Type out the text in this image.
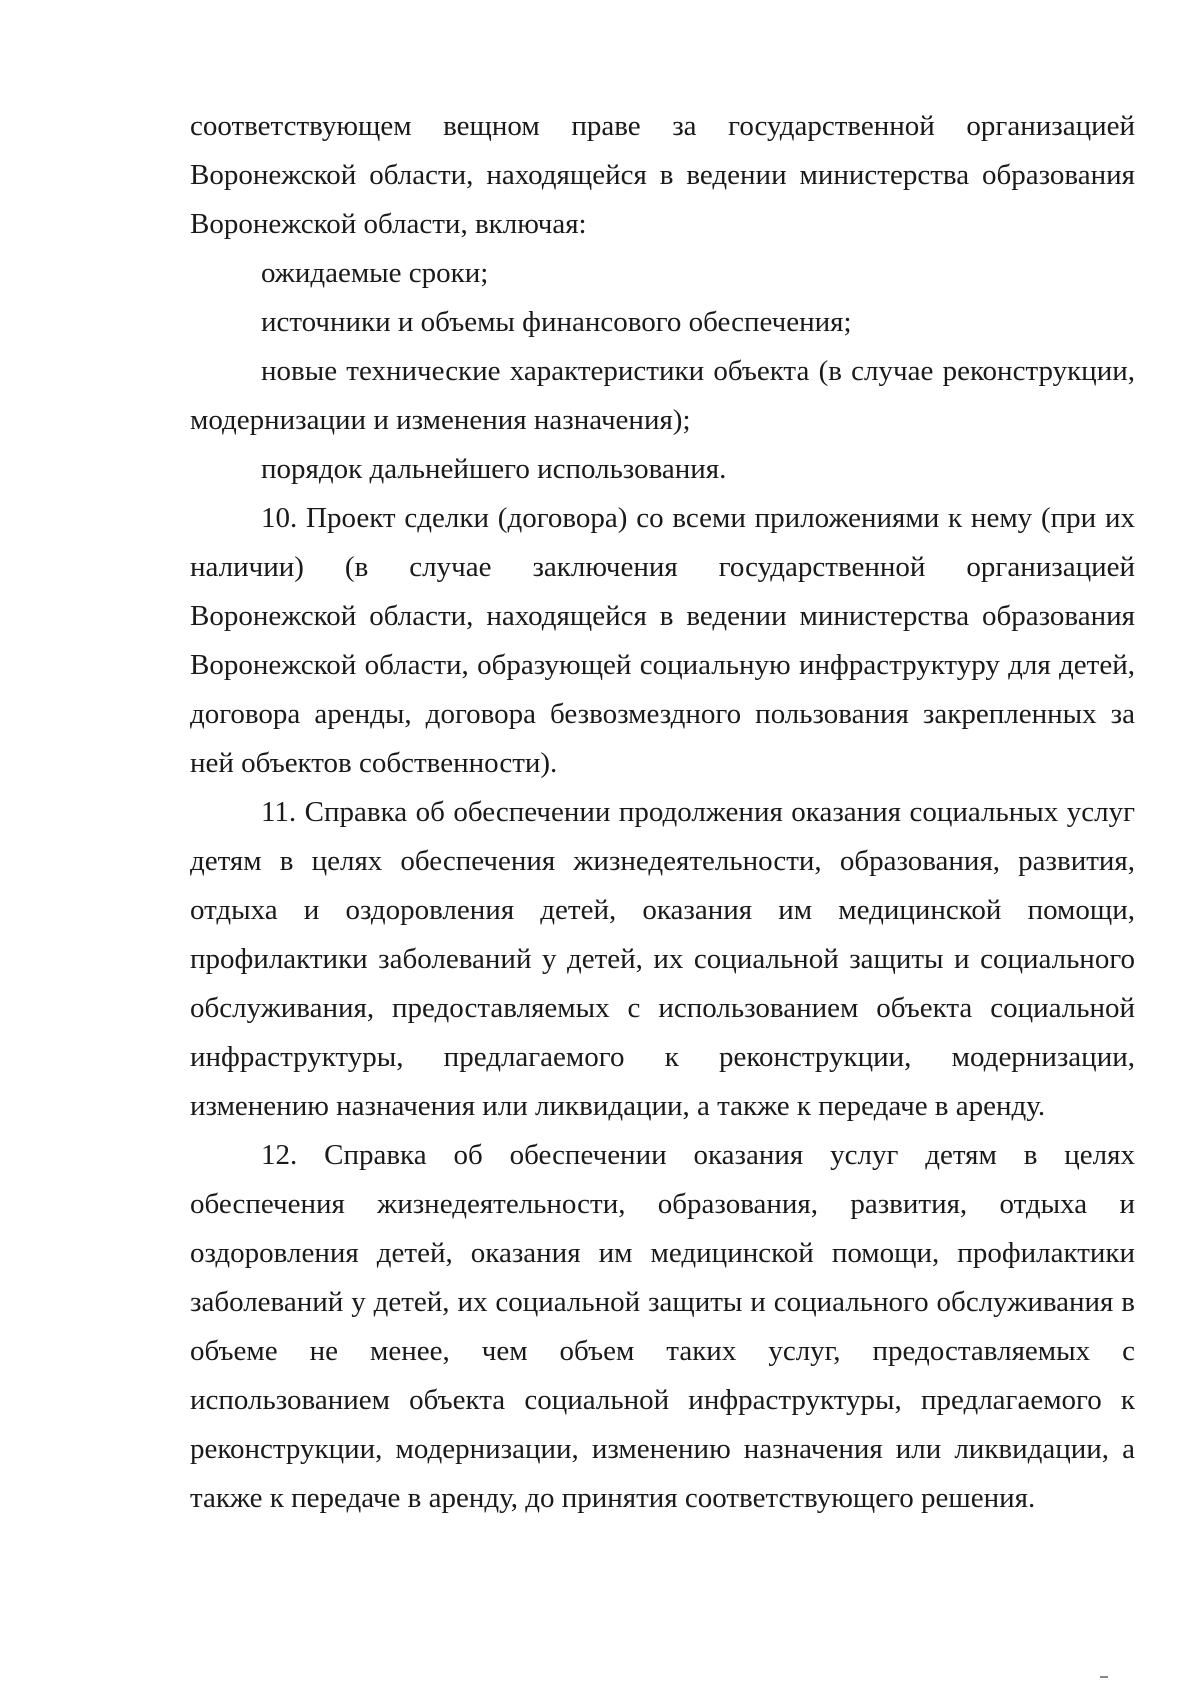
соответствующем вещном праве за государственной организацией Воронежской области, находящейся в ведении министерства образования Воронежской области, включая:

ожидаемые сроки;

источники и объемы финансового обеспечения;

новые технические характеристики объекта (в случае реконструкции, модернизации и изменения назначения);

порядок дальнейшего использования.

10. Проект сделки (договора) со всеми приложениями к нему (при их наличии) (в случае заключения государственной организацией Воронежской области, находящейся в ведении министерства образования Воронежской области, образующей социальную инфраструктуру для детей, договора аренды, договора безвозмездного пользования закрепленных за ней объектов собственности).

11. Справка об обеспечении продолжения оказания социальных услуг детям в целях обеспечения жизнедеятельности, образования, развития, отдыха и оздоровления детей, оказания им медицинской помощи, профилактики заболеваний у детей, их социальной защиты и социального обслуживания, предоставляемых с использованием объекта социальной инфраструктуры, предлагаемого к реконструкции, модернизации, изменению назначения или ликвидации, а также к передаче в аренду.

12. Справка об обеспечении оказания услуг детям в целях обеспечения жизнедеятельности, образования, развития, отдыха и оздоровления детей, оказания им медицинской помощи, профилактики заболеваний у детей, их социальной защиты и социального обслуживания в объеме не менее, чем объем таких услуг, предоставляемых с использованием объекта социальной инфраструктуры, предлагаемого к реконструкции, модернизации, изменению назначения или ликвидации, а также к передаче в аренду, до принятия соответствующего решения.
